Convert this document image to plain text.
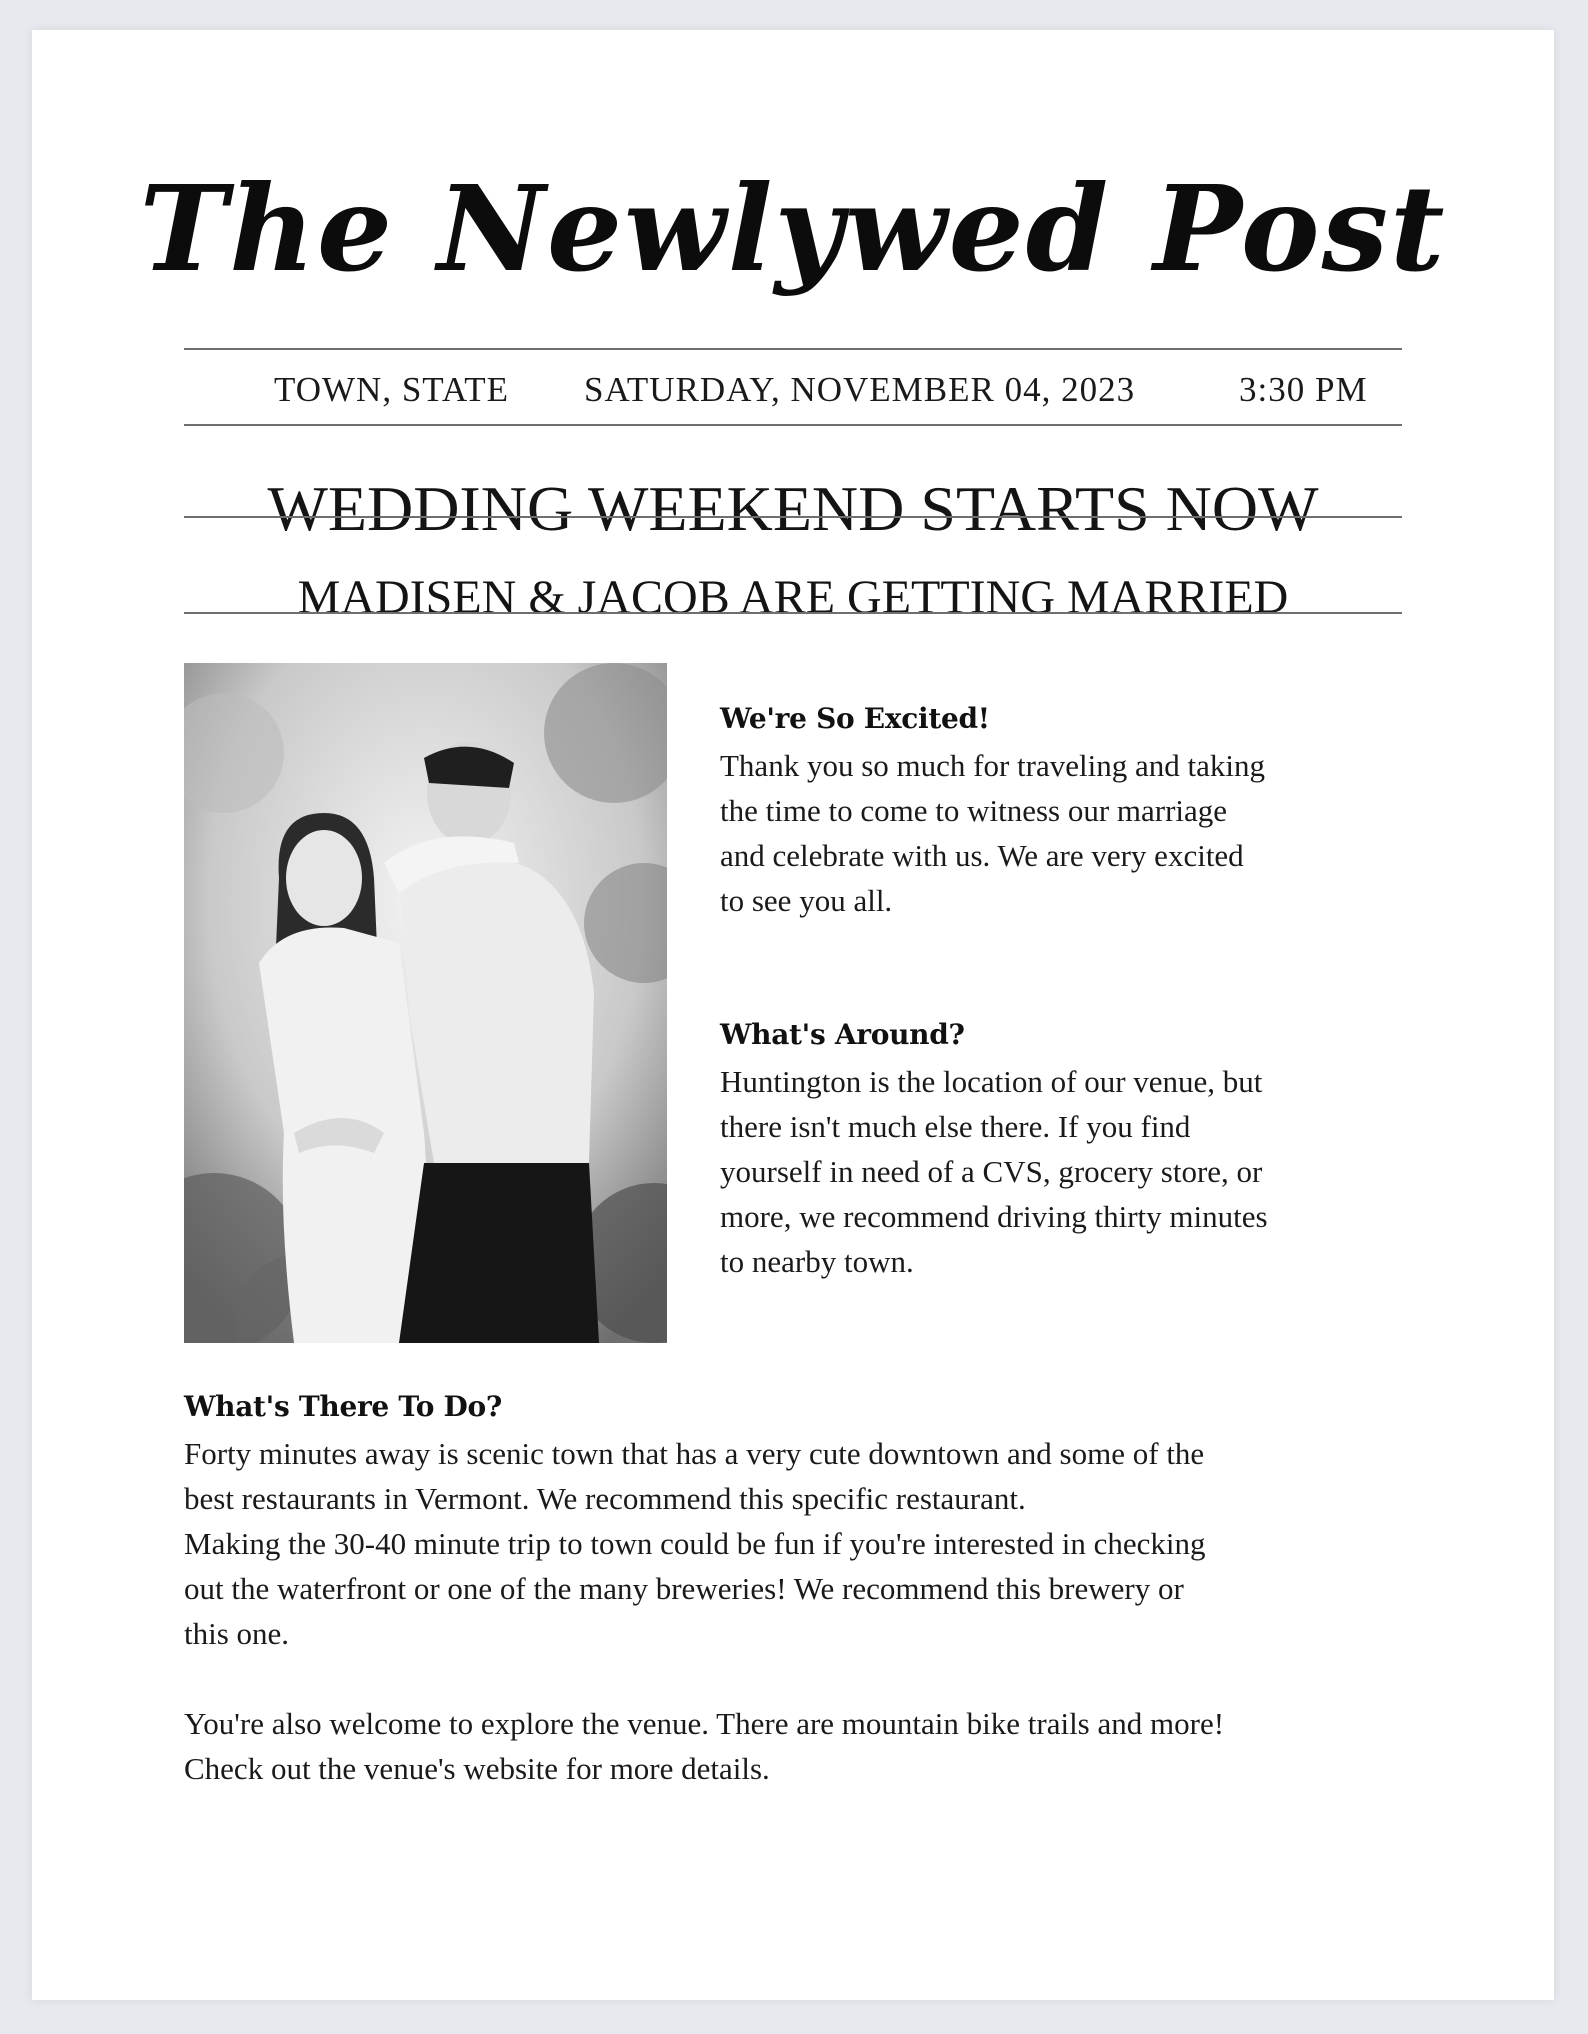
The Newlywed Post
TOWN, STATE SATURDAY, NOVEMBER 04, 2023	3:30 PM
WEDDING WEEKEND STARTS NOW
MADISEN & JACOB ARE GETTING MARRIED
We're So Excited!

Thank you so much for traveling and taking
the time to come to witness our marriage
and celebrate with us. We are very excited
to see you all.

What's Around?

Huntington is the location of our venue, but
there isn't much else there. If you find
yourself in need of a CVS, grocery store, or
more, we recommend driving thirty minutes
to nearby town.

What's There To Do?

Forty minutes away is scenic town that has a very cute downtown and some of the
best restaurants in Vermont. We recommend this specific restaurant.
Making the 30-40 minute trip to town could be fun if you're interested in checking
out the waterfront or one of the many breweries! We recommend this brewery or
this one.

You're also welcome to explore the venue. There are mountain bike trails and more!
Check out the venue's website for more details.
